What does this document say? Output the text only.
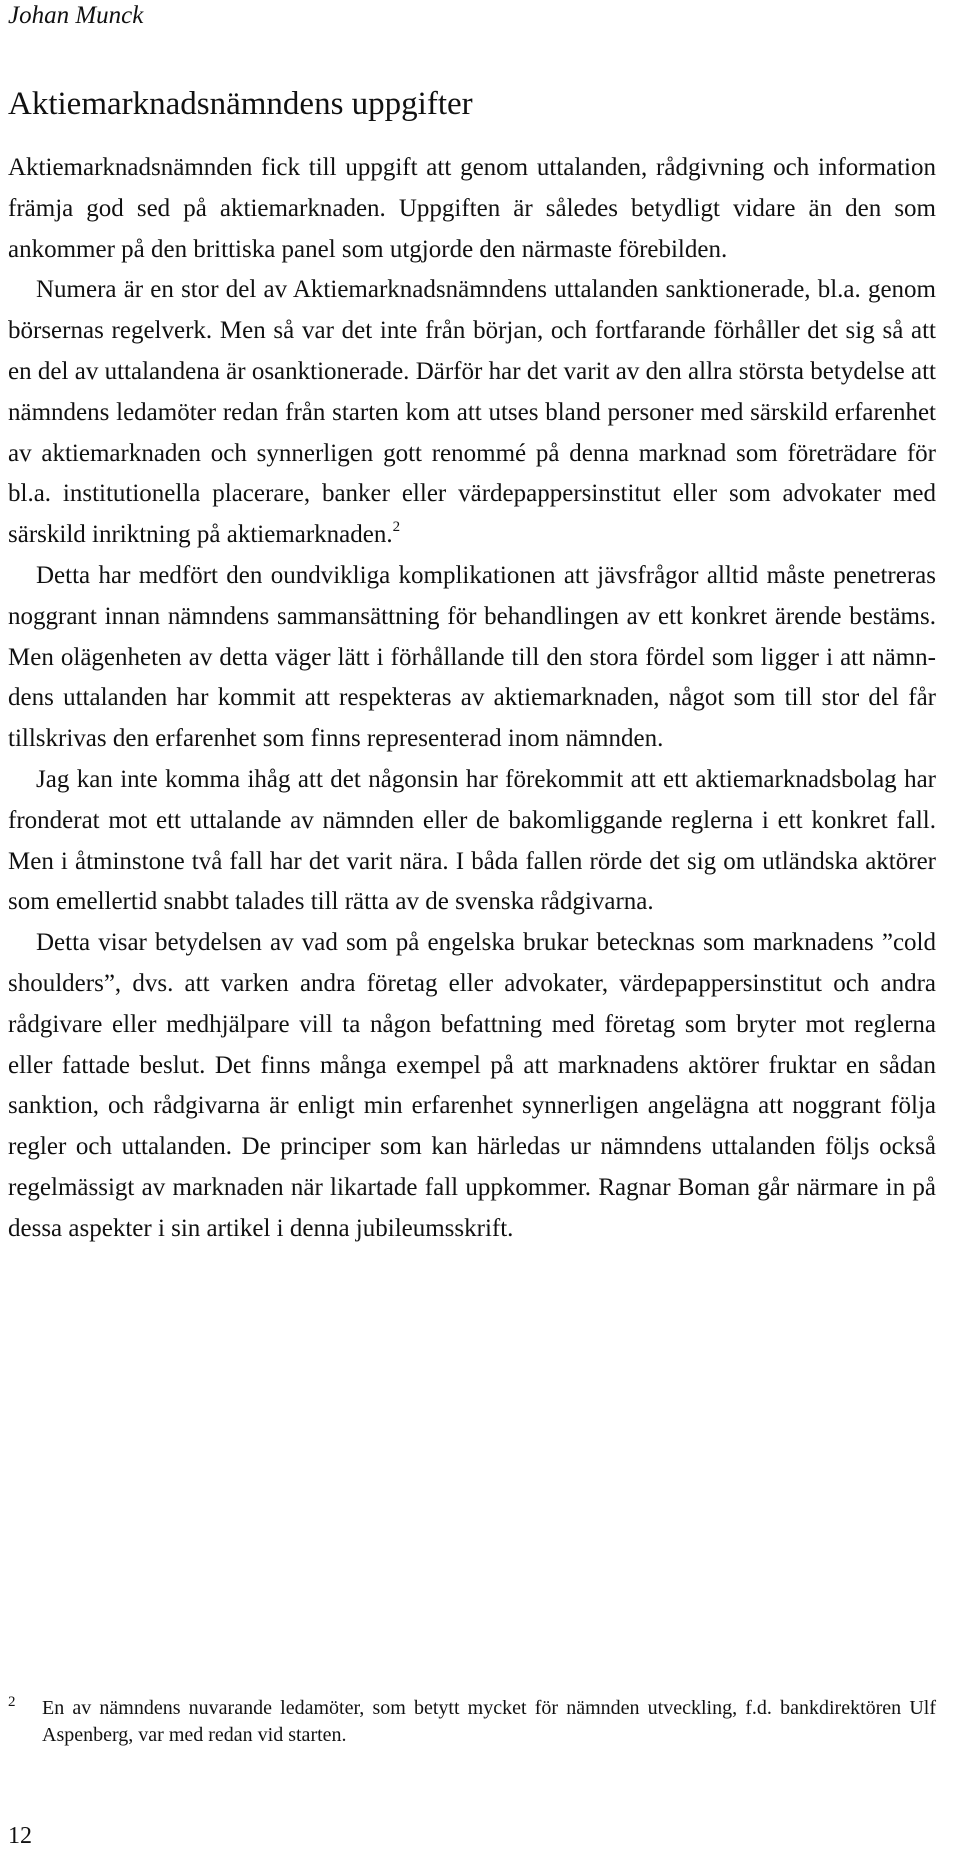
Johan Munck
Aktiemarknadsnämndens uppgifter

Aktiemarknadsnämnden fick till uppgift att genom uttalanden, rådgivning och information främja god sed på aktiemarknaden. Uppgiften är således betydligt vidare än den som ankommer på den brittiska panel som utgjorde den närmaste förebilden.

Numera är en stor del av Aktiemarknadsnämndens uttalanden sanktionerade, bl.a. genom börsernas regelverk. Men så var det inte från början, och fortfarande förhåller det sig så att en del av uttalandena är osanktionerade. Därför har det varit av den allra största betydelse att nämndens ledamöter redan från starten kom att utses bland personer med särskild erfarenhet av aktiemarknaden och synnerligen gott renommé på denna marknad som företrädare för bl.a. institutionella placerare, banker eller värdepappersinstitut eller som advokater med särskild inriktning på aktiemarknaden.$^2$

Detta har medfört den oundvikliga komplikationen att jävsfrågor alltid måste penetreras noggrant innan nämndens sammansättning för behandlingen av ett konkret ärende bestäms. Men olägenheten av detta väger lätt i förhållande till den stora fördel som ligger i att nämndens uttalanden har kommit att respekteras av aktiemarknaden, något som till stor del får tillskrivas den erfarenhet som finns representerad inom nämnden.

Jag kan inte komma ihåg att det någonsin har förekommit att ett aktiemarknadsbolag har fronderat mot ett uttalande av nämnden eller de bakomliggande reglerna i ett konkret fall. Men i åtminstone två fall har det varit nära. I båda fallen rörde det sig om utländska aktörer som emellertid snabbt talades till rätta av de svenska rådgivarna.

Detta visar betydelsen av vad som på engelska brukar betecknas som marknadens ”cold shoulders”, dvs. att varken andra företag eller advokater, värdepappersinstitut och andra rådgivare eller medhjälpare vill ta någon befattning med företag som bryter mot reglerna eller fattade beslut. Det finns många exempel på att marknadens aktörer fruktar en sådan sanktion, och rådgivarna är enligt min erfarenhet synnerligen angelägna att noggrant följa regler och uttalanden. De principer som kan härledas ur nämndens uttalanden följs också regelmässigt av marknaden när likartade fall uppkommer. Ragnar Boman går närmare in på dessa aspekter i sin artikel i denna jubileumsskrift.

2 En av nämndens nuvarande ledamöter, som betytt mycket för nämnden utveckling, f.d. bankdirektören Ulf Aspenberg, var med redan vid starten.
12
